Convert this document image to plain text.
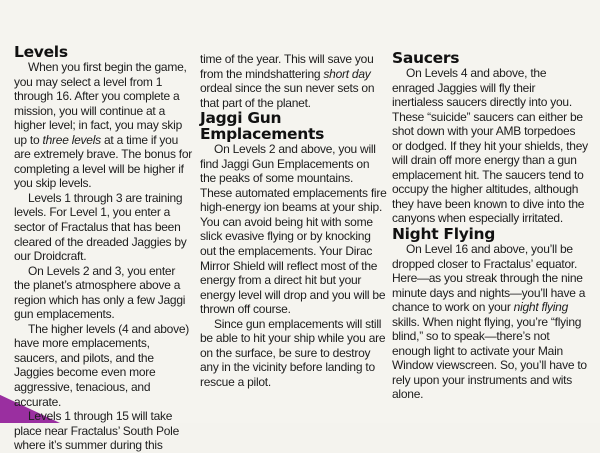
Levels

When you first begin the game, you may select a level from 1 through 16. After you complete a mission, you will continue at a higher level; in fact, you may skip up to three levels at a time if you are extremely brave. The bonus for completing a level will be higher if you skip levels.

Levels 1 through 3 are training levels. For Level 1, you enter a sector of Fractalus that has been cleared of the dreaded Jaggies by our Droidcraft.

On Levels 2 and 3, you enter the planet’s atmosphere above a region which has only a few Jaggi gun emplacements.

The higher levels (4 and above) have more emplacements, saucers, and pilots, and the Jaggies become even more aggressive, tenacious, and accurate.

Levels 1 through 15 will take place near Fractalus’ South Pole where it’s summer during this

time of the year. This will save you from the mindshattering short day ordeal since the sun never sets on that part of the planet.

Jaggi Gun Emplacements

On Levels 2 and above, you will find Jaggi Gun Emplacements on the peaks of some mountains. These automated emplacements fire high-energy ion beams at your ship. You can avoid being hit with some slick evasive flying or by knocking out the emplacements. Your Dirac Mirror Shield will reflect most of the energy from a direct hit but your energy level will drop and you will be thrown off course.

Since gun emplacements will still be able to hit your ship while you are on the surface, be sure to destroy any in the vicinity before landing to rescue a pilot.

Saucers

On Levels 4 and above, the enraged Jaggies will fly their inertialess saucers directly into you. These “suicide” saucers can either be shot down with your AMB torpedoes or dodged. If they hit your shields, they will drain off more energy than a gun emplacement hit. The saucers tend to occupy the higher altitudes, although they have been known to dive into the canyons when especially irritated.

Night Flying

On Level 16 and above, you’ll be dropped closer to Fractalus’ equator. Here—as you streak through the nine minute days and nights—you’ll have a chance to work on your night flying skills. When night flying, you’re “flying blind,” so to speak—there’s not enough light to activate your Main Window viewscreen. So, you’ll have to rely upon your instruments and wits alone.
